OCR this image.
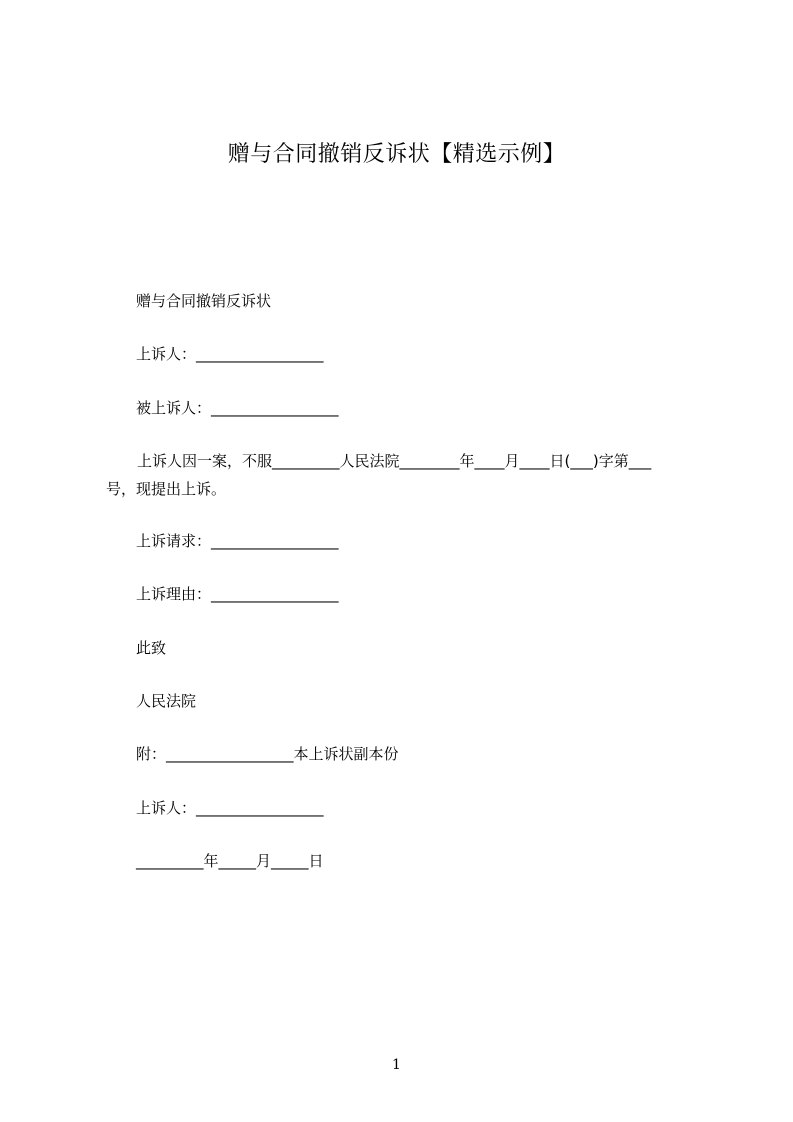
赠与合同撤销反诉状【精选示例】
赠与合同撤销反诉状
上诉人：_________________
被上诉人：_________________
上诉人因一案，不服_________人民法院________年____月____日(___)字第___
号，现提出上诉。
上诉请求：_________________
上诉理由：_________________
此致
人民法院
附：_________________本上诉状副本份
上诉人：_________________
_________年_____月_____日
1
